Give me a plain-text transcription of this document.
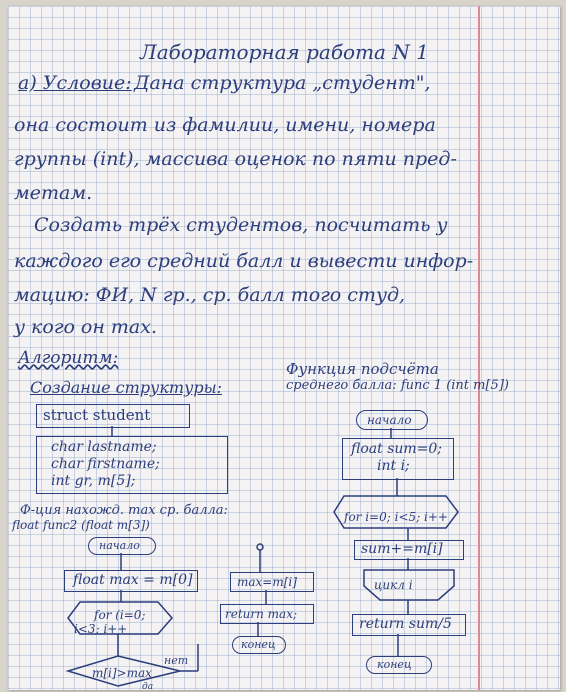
Лабораторная работа N 1
а) Условие: Дана структура „студент",
она состоит из фамилии, имени, номера
группы (int), массива оценок по пяти пред-
метам.
Создать трёх студентов, посчитать у
каждого его средний балл и вывести инфор-
мацию: ФИ, N гр., ср. балл того студ,
у кого он max.
Алгоритм:
Создание структуры:
struct student
char lastname;
char firstname;
int gr, m[5];
Ф-ция нахожд. max ср. балла:
float func2 (float m[3])
начало
float max = m[0]
for (i=0;
i<3; i++
m[i]>max
нет
да
max=m[i]
return max;
конец
Функция подсчёта
среднего балла: func 1 (int m[5])
начало
float sum=0;
int i;
for i=0; i<5; i++
sum+=m[i]
цикл i
return sum/5
конец
